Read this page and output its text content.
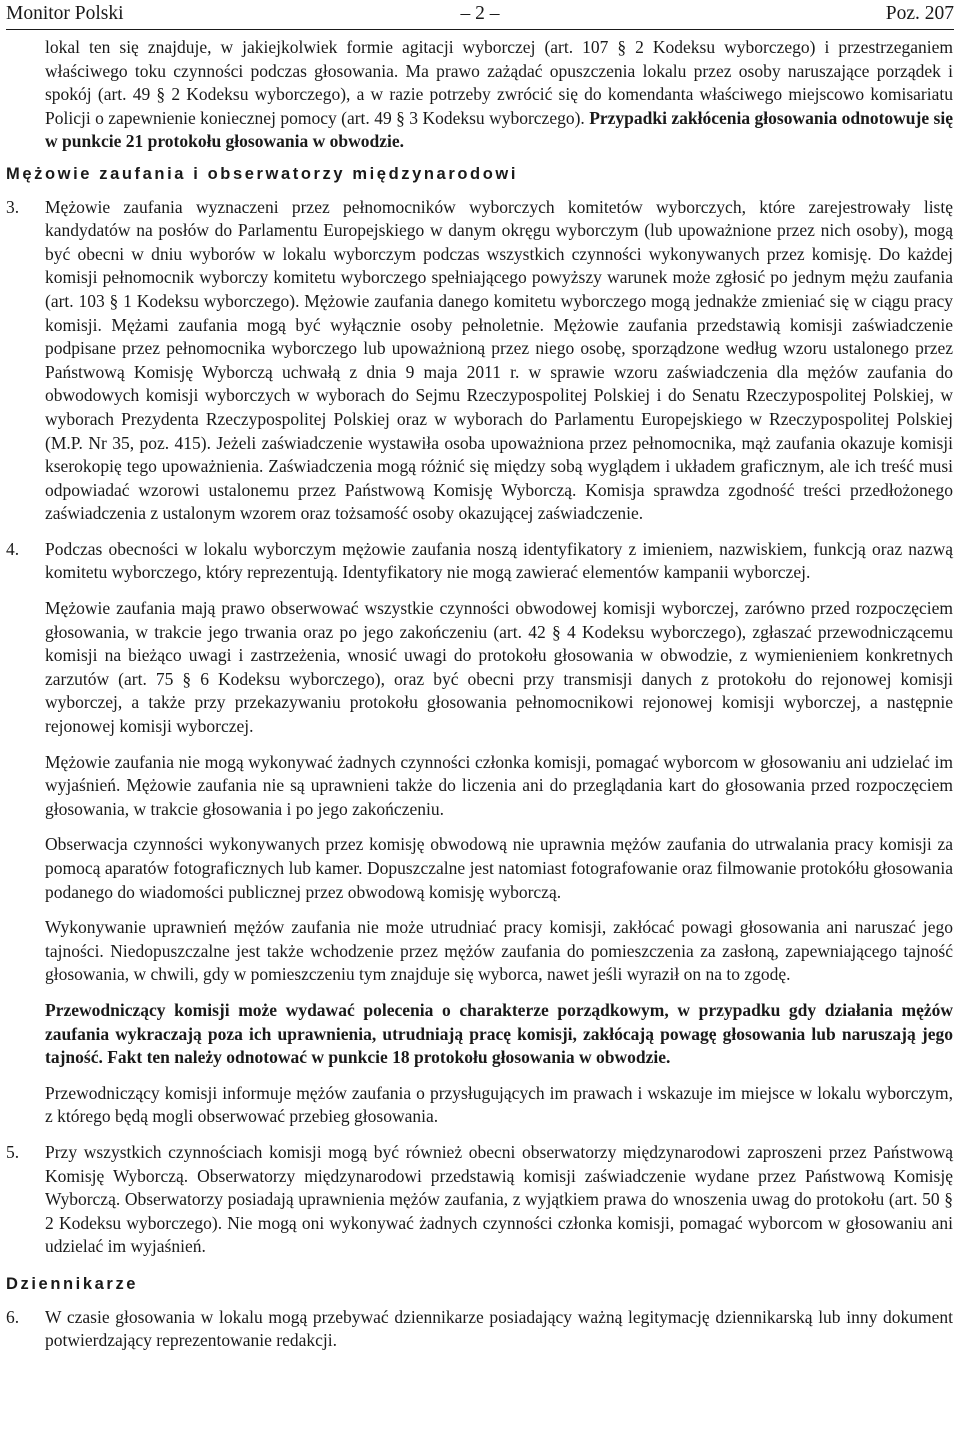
Monitor Polski	– 2 –	Poz. 207

lokal ten się znajduje, w jakiejkolwiek formie agitacji wyborczej (art. 107 § 2 Kodeksu wyborczego) i przestrzeganiem właściwego toku czynności podczas głosowania. Ma prawo zażądać opuszczenia lokalu przez osoby naruszające porządek i spokój (art. 49 § 2 Kodeksu wyborczego), a w razie potrzeby zwrócić się do komendanta właściwego miejscowo komisariatu Policji o zapewnienie koniecznej pomocy (art. 49 § 3 Kodeksu wyborczego). Przypadki zakłócenia głosowania odnotowuje się w punkcie 21 protokołu głosowania w obwodzie.

Mężowie zaufania i obserwatorzy międzynarodowi
3. Mężowie zaufania wyznaczeni przez pełnomocników wyborczych komitetów wyborczych, które zarejestrowały listę kandydatów na posłów do Parlamentu Europejskiego w danym okręgu wyborczym (lub upoważnione przez nich osoby), mogą być obecni w dniu wyborów w lokalu wyborczym podczas wszystkich czynności wykonywanych przez komisję. Do każdej komisji pełnomocnik wyborczy komitetu wyborczego spełniającego powyższy warunek może zgłosić po jednym mężu zaufania (art. 103 § 1 Kodeksu wyborczego). Mężowie zaufania danego komitetu wyborczego mogą jednakże zmieniać się w ciągu pracy komisji. Mężami zaufania mogą być wyłącznie osoby pełnoletnie. Mężowie zaufania przedstawią komisji zaświadczenie podpisane przez pełnomocnika wyborczego lub upoważnioną przez niego osobę, sporządzone według wzoru ustalonego przez Państwową Komisję Wyborczą uchwałą z dnia 9 maja 2011 r. w sprawie wzoru zaświadczenia dla mężów zaufania do obwodowych komisji wyborczych w wyborach do Sejmu Rzeczypospolitej Polskiej i do Senatu Rzeczypospolitej Polskiej, w wyborach Prezydenta Rzeczypospolitej Polskiej oraz w wyborach do Parlamentu Europejskiego w Rzeczypospolitej Polskiej (M.P. Nr 35, poz. 415). Jeżeli zaświadczenie wystawiła osoba upoważniona przez pełnomocnika, mąż zaufania okazuje komisji kserokopię tego upoważnienia. Zaświadczenia mogą różnić się między sobą wyglądem i układem graficznym, ale ich treść musi odpowiadać wzorowi ustalonemu przez Państwową Komisję Wyborczą. Komisja sprawdza zgodność treści przedłożonego zaświadczenia z ustalonym wzorem oraz tożsamość osoby okazującej zaświadczenie.

4. Podczas obecności w lokalu wyborczym mężowie zaufania noszą identyfikatory z imieniem, nazwiskiem, funkcją oraz nazwą komitetu wyborczego, który reprezentują. Identyfikatory nie mogą zawierać elementów kampanii wyborczej.

Mężowie zaufania mają prawo obserwować wszystkie czynności obwodowej komisji wyborczej, zarówno przed rozpoczęciem głosowania, w trakcie jego trwania oraz po jego zakończeniu (art. 42 § 4 Kodeksu wyborczego), zgłaszać przewodniczącemu komisji na bieżąco uwagi i zastrzeżenia, wnosić uwagi do protokołu głosowania w obwodzie, z wymienieniem konkretnych zarzutów (art. 75 § 6 Kodeksu wyborczego), oraz być obecni przy transmisji danych z protokołu do rejonowej komisji wyborczej, a także przy przekazywaniu protokołu głosowania pełnomocnikowi rejonowej komisji wyborczej, a następnie rejonowej komisji wyborczej.

Mężowie zaufania nie mogą wykonywać żadnych czynności członka komisji, pomagać wyborcom w głosowaniu ani udzielać im wyjaśnień. Mężowie zaufania nie są uprawnieni także do liczenia ani do przeglądania kart do głosowania przed rozpoczęciem głosowania, w trakcie głosowania i po jego zakończeniu.

Obserwacja czynności wykonywanych przez komisję obwodową nie uprawnia mężów zaufania do utrwalania pracy komisji za pomocą aparatów fotograficznych lub kamer. Dopuszczalne jest natomiast fotografowanie oraz filmowanie protokółu głosowania podanego do wiadomości publicznej przez obwodową komisję wyborczą.

Wykonywanie uprawnień mężów zaufania nie może utrudniać pracy komisji, zakłócać powagi głosowania ani naruszać jego tajności. Niedopuszczalne jest także wchodzenie przez mężów zaufania do pomieszczenia za zasłoną, zapewniającego tajność głosowania, w chwili, gdy w pomieszczeniu tym znajduje się wyborca, nawet jeśli wyraził on na to zgodę.

Przewodniczący komisji może wydawać polecenia o charakterze porządkowym, w przypadku gdy działania mężów zaufania wykraczają poza ich uprawnienia, utrudniają pracę komisji, zakłócają powagę głosowania lub naruszają jego tajność. Fakt ten należy odnotować w punkcie 18 protokołu głosowania w obwodzie.

Przewodniczący komisji informuje mężów zaufania o przysługujących im prawach i wskazuje im miejsce w lokalu wyborczym, z którego będą mogli obserwować przebieg głosowania.

5. Przy wszystkich czynnościach komisji mogą być również obecni obserwatorzy międzynarodowi zaproszeni przez Państwową Komisję Wyborczą. Obserwatorzy międzynarodowi przedstawią komisji zaświadczenie wydane przez Państwową Komisję Wyborczą. Obserwatorzy posiadają uprawnienia mężów zaufania, z wyjątkiem prawa do wnoszenia uwag do protokołu (art. 50 § 2 Kodeksu wyborczego). Nie mogą oni wykonywać żadnych czynności członka komisji, pomagać wyborcom w głosowaniu ani udzielać im wyjaśnień.

Dziennikarze
6. W czasie głosowania w lokalu mogą przebywać dziennikarze posiadający ważną legitymację dziennikarską lub inny dokument potwierdzający reprezentowanie redakcji.
